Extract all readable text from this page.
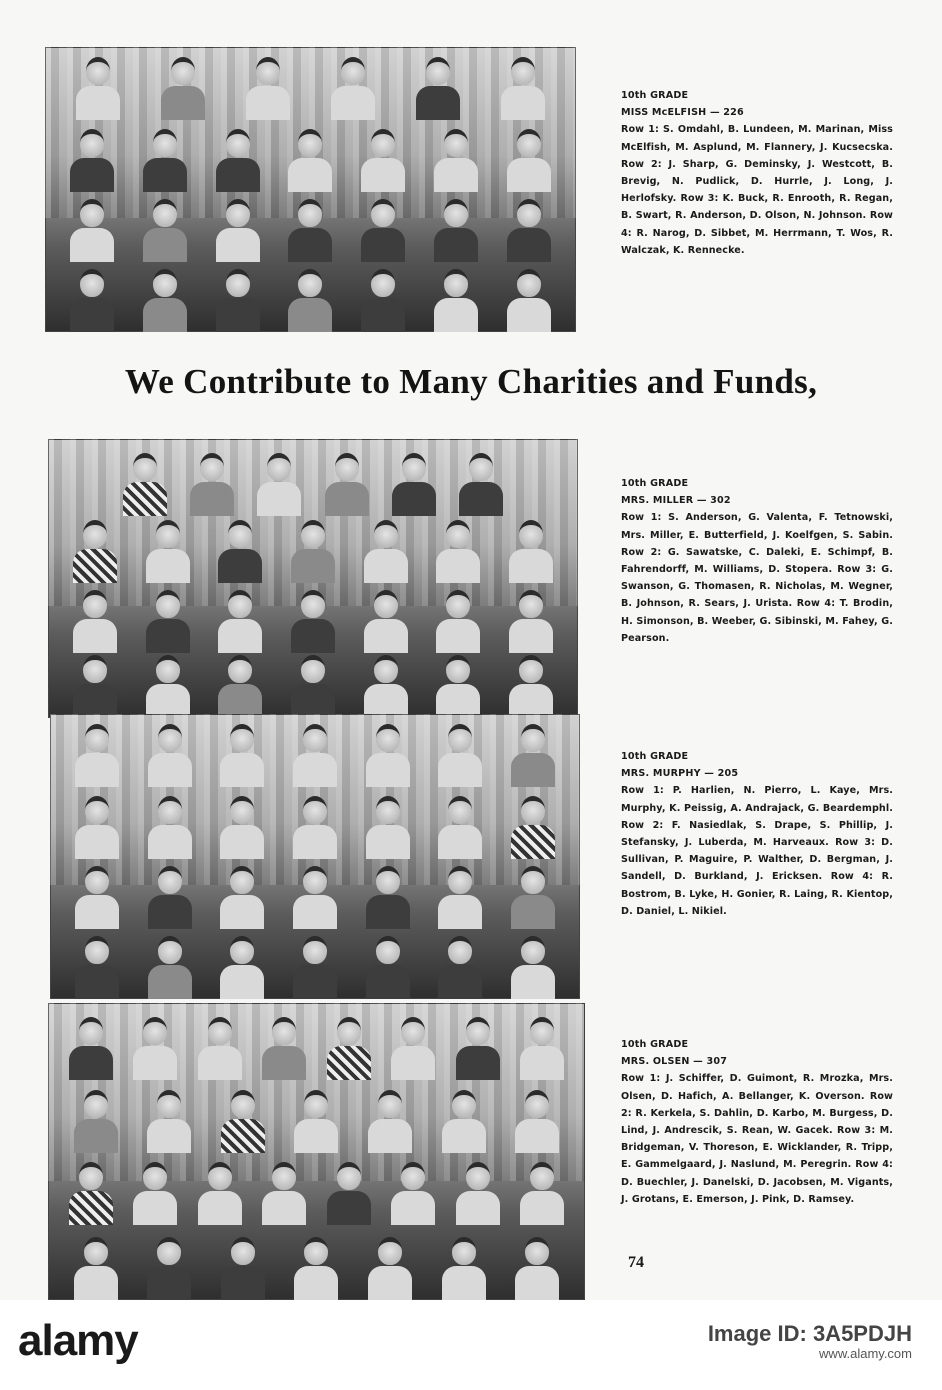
10th GRADE
MISS McELFISH — 226
Row 1: S. Omdahl, B. Lundeen, M. Marinan, Miss McElfish, M. Asplund, M. Flannery, J. Kucsecska. Row 2: J. Sharp, G. Deminsky, J. Westcott, B. Brevig, N. Pudlick, D. Hurrle, J. Long, J. Herlofsky. Row 3: K. Buck, R. Enrooth, R. Regan, B. Swart, R. Anderson, D. Olson, N. Johnson. Row 4: R. Narog, D. Sibbet, M. Herrmann, T. Wos, R. Walczak, K. Rennecke.
We Contribute to Many Charities and Funds,
10th GRADE
MRS. MILLER — 302
Row 1: S. Anderson, G. Valenta, F. Tetnowski, Mrs. Miller, E. Butterfield, J. Koelfgen, S. Sabin. Row 2: G. Sawatske, C. Daleki, E. Schimpf, B. Fahrendorff, M. Williams, D. Stopera. Row 3: G. Swanson, G. Thomasen, R. Nicholas, M. Wegner, B. Johnson, R. Sears, J. Urista. Row 4: T. Brodin, H. Simonson, B. Weeber, G. Sibinski, M. Fahey, G. Pearson.
10th GRADE
MRS. MURPHY — 205
Row 1: P. Harlien, N. Pierro, L. Kaye, Mrs. Murphy, K. Peissig, A. Andrajack, G. Beardemphl. Row 2: F. Nasiedlak, S. Drape, S. Phillip, J. Stefansky, J. Luberda, M. Harveaux. Row 3: D. Sullivan, P. Maguire, P. Walther, D. Bergman, J. Sandell, D. Burkland, J. Ericksen. Row 4: R. Bostrom, B. Lyke, H. Gonier, R. Laing, R. Kientop, D. Daniel, L. Nikiel.
10th GRADE
MRS. OLSEN — 307
Row 1: J. Schiffer, D. Guimont, R. Mrozka, Mrs. Olsen, D. Hafich, A. Bellanger, K. Overson. Row 2: R. Kerkela, S. Dahlin, D. Karbo, M. Burgess, D. Lind, J. Andrescik, S. Rean, W. Gacek. Row 3: M. Bridgeman, V. Thoreson, E. Wicklander, R. Tripp, E. Gammelgaard, J. Naslund, M. Peregrin. Row 4: D. Buechler, J. Danelski, D. Jacobsen, M. Vigants, J. Grotans, E. Emerson, J. Pink, D. Ramsey.
74
alamy	Image ID: 3A5PDJH
www.alamy.com
